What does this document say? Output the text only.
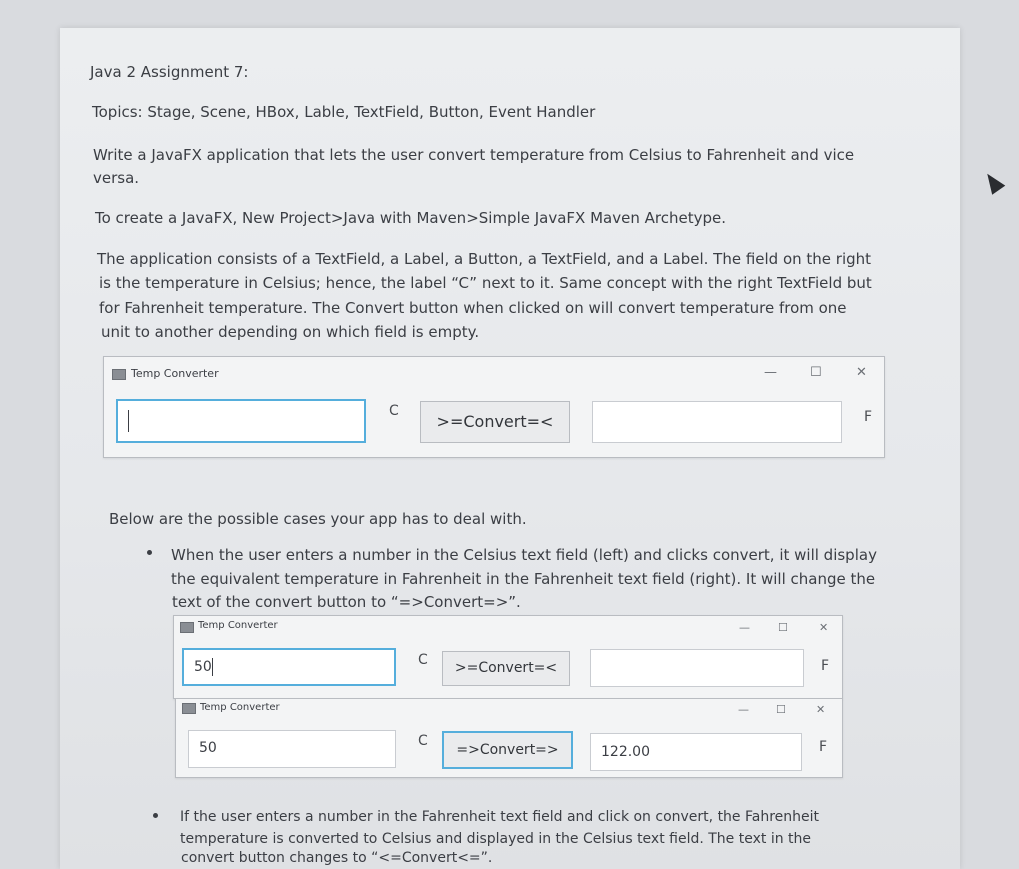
Java 2 Assignment 7:
Topics: Stage, Scene, HBox, Lable, TextField, Button, Event Handler
Write a JavaFX application that lets the user convert temperature from Celsius to Fahrenheit and vice
versa.
To create a JavaFX, New Project>Java with Maven>Simple JavaFX Maven Archetype.
The application consists of a TextField, a Label, a Button, a TextField, and a Label. The field on the right
is the temperature in Celsius; hence, the label “C” next to it. Same concept with the right TextField but
for Fahrenheit temperature. The Convert button when clicked on will convert temperature from one
unit to another depending on which field is empty.
Temp Converter	—	☐	✕
C
>=Convert=<	F
Below are the possible cases your app has to deal with.
When the user enters a number in the Celsius text field (left) and clicks convert, it will display
the equivalent temperature in Fahrenheit in the Fahrenheit text field (right). It will change the
text of the convert button to “=>Convert=>”.
Temp Converter	—	☐	✕
50	C	>=Convert=<	F
Temp Converter	— ☐	✕
50	C
=>Convert=>	122.00	F
If the user enters a number in the Fahrenheit text field and click on convert, the Fahrenheit
temperature is converted to Celsius and displayed in the Celsius text field. The text in the
convert button changes to “<=Convert<=”.
